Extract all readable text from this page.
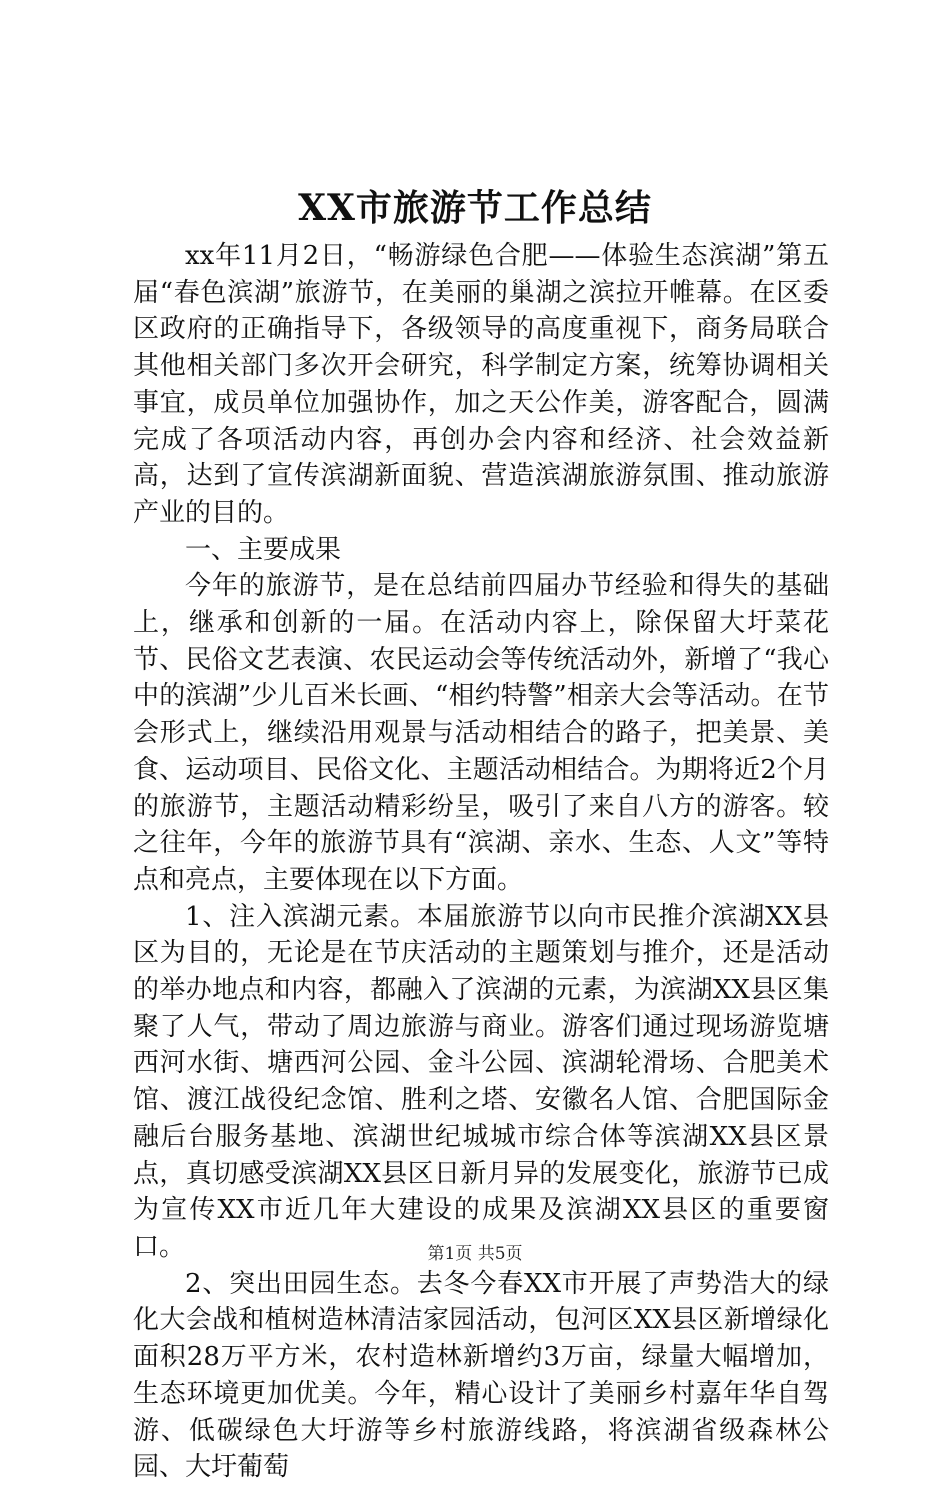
XX市旅游节工作总结

xx年11月2日，“畅游绿色合肥——体验生态滨湖”第五届“春色滨湖”旅游节，在美丽的巢湖之滨拉开帷幕。在区委区政府的正确指导下，各级领导的高度重视下，商务局联合其他相关部门多次开会研究，科学制定方案，统筹协调相关事宜，成员单位加强协作，加之天公作美，游客配合，圆满完成了各项活动内容，再创办会内容和经济、社会效益新高，达到了宣传滨湖新面貌、营造滨湖旅游氛围、推动旅游产业的目的。

一、主要成果

今年的旅游节，是在总结前四届办节经验和得失的基础上，继承和创新的一届。在活动内容上，除保留大圩菜花节、民俗文艺表演、农民运动会等传统活动外，新增了“我心中的滨湖”少儿百米长画、“相约特警”相亲大会等活动。在节会形式上，继续沿用观景与活动相结合的路子，把美景、美食、运动项目、民俗文化、主题活动相结合。为期将近2个月的旅游节，主题活动精彩纷呈，吸引了来自八方的游客。较之往年，今年的旅游节具有“滨湖、亲水、生态、人文”等特点和亮点，主要体现在以下方面。

1、注入滨湖元素。本届旅游节以向市民推介滨湖XX县区为目的，无论是在节庆活动的主题策划与推介，还是活动的举办地点和内容，都融入了滨湖的元素，为滨湖XX县区集聚了人气，带动了周边旅游与商业。游客们通过现场游览塘西河水街、塘西河公园、金斗公园、滨湖轮滑场、合肥美术馆、渡江战役纪念馆、胜利之塔、安徽名人馆、合肥国际金融后台服务基地、滨湖世纪城城市综合体等滨湖XX县区景点，真切感受滨湖XX县区日新月异的发展变化，旅游节已成为宣传XX市近几年大建设的成果及滨湖XX县区的重要窗口。

2、突出田园生态。去冬今春XX市开展了声势浩大的绿化大会战和植树造林清洁家园活动，包河区XX县区新增绿化面积28万平方米，农村造林新增约3万亩，绿量大幅增加，生态环境更加优美。今年，精心设计了美丽乡村嘉年华自驾游、低碳绿色大圩游等乡村旅游线路，将滨湖省级森林公园、大圩葡萄

第1页 共5页
